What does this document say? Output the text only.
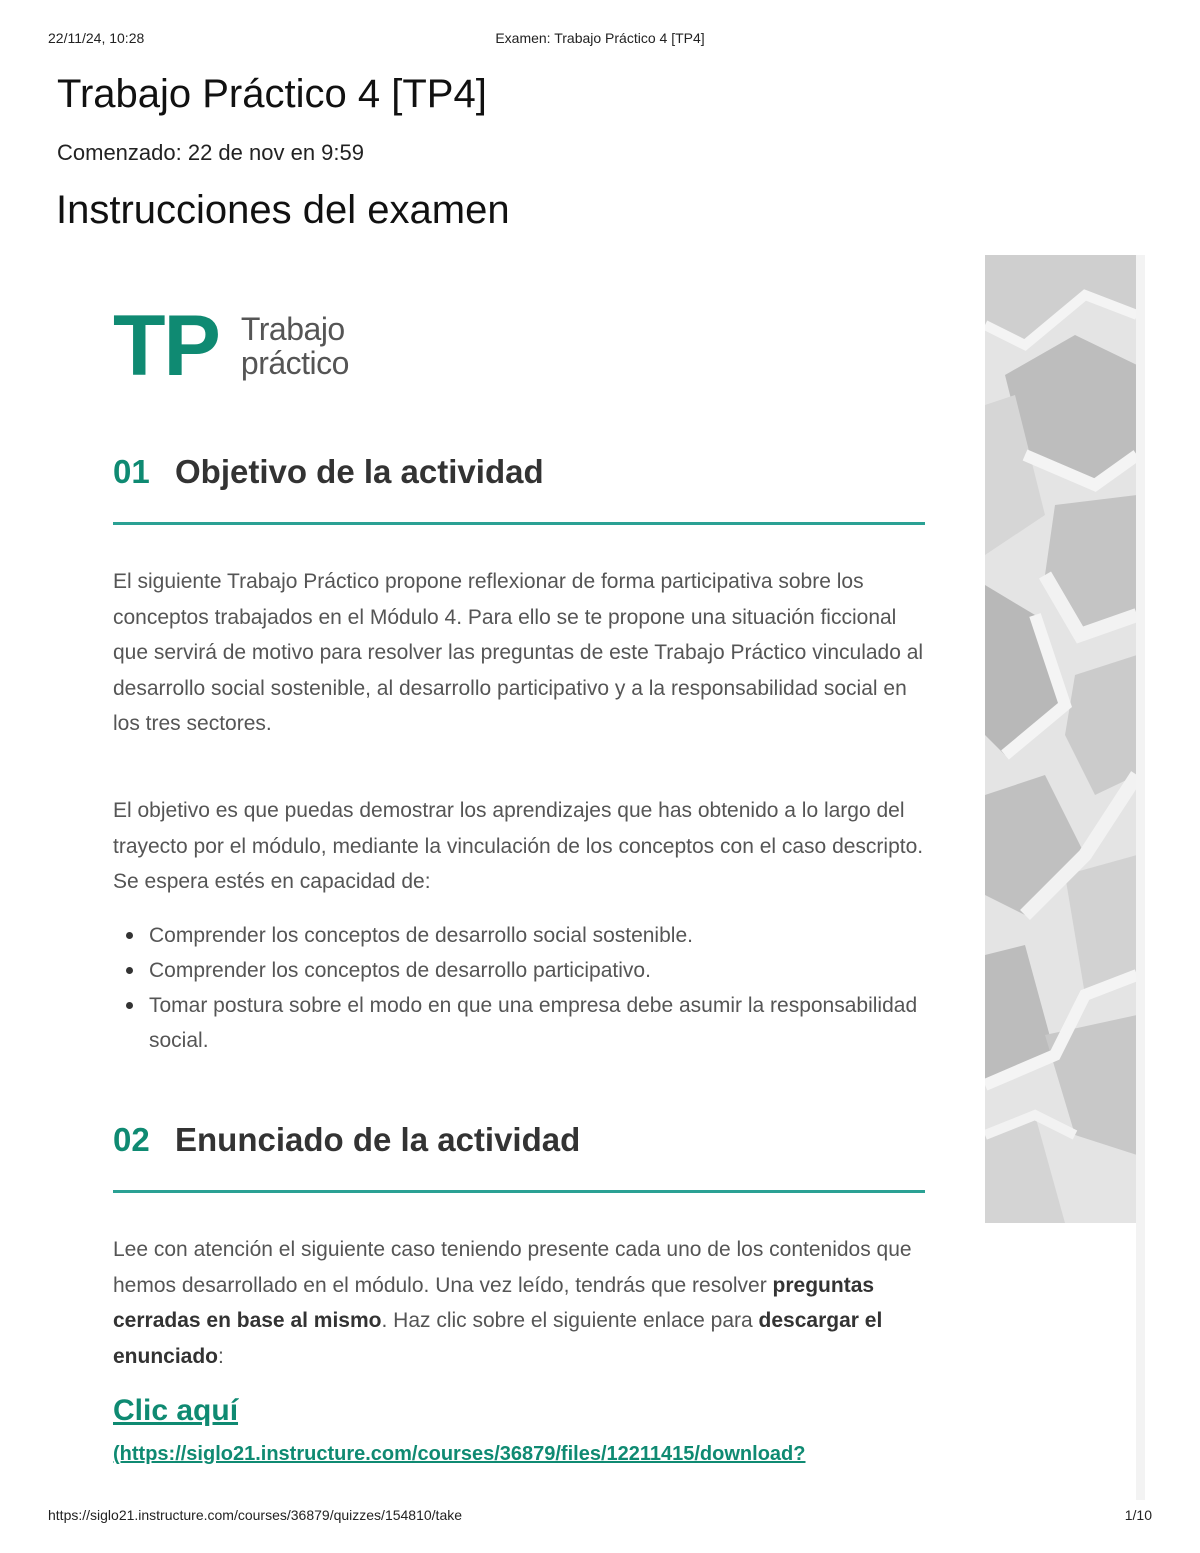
22/11/24, 10:28	Examen: Trabajo Práctico 4 [TP4]
Trabajo Práctico 4 [TP4]
Comenzado: 22 de nov en 9:59
Instrucciones del examen
TP Trabajo
práctico
01 Objetivo de la actividad

El siguiente Trabajo Práctico propone reflexionar de forma participativa sobre los conceptos trabajados en el Módulo 4. Para ello se te propone una situación ficcional que servirá de motivo para resolver las preguntas de este Trabajo Práctico vinculado al desarrollo social sostenible, al desarrollo participativo y a la responsabilidad social en los tres sectores.

El objetivo es que puedas demostrar los aprendizajes que has obtenido a lo largo del trayecto por el módulo, mediante la vinculación de los conceptos con el caso descripto. Se espera estés en capacidad de:

Comprender los conceptos de desarrollo social sostenible.
Comprender los conceptos de desarrollo participativo.
Tomar postura sobre el modo en que una empresa debe asumir la responsabilidad social.
02 Enunciado de la actividad

Lee con atención el siguiente caso teniendo presente cada uno de los contenidos que hemos desarrollado en el módulo. Una vez leído, tendrás que resolver preguntas cerradas en base al mismo. Haz clic sobre el siguiente enlace para descargar el enunciado:

Clic aquí
(https://siglo21.instructure.com/courses/36879/files/12211415/download?
https://siglo21.instructure.com/courses/36879/quizzes/154810/take	1/10
